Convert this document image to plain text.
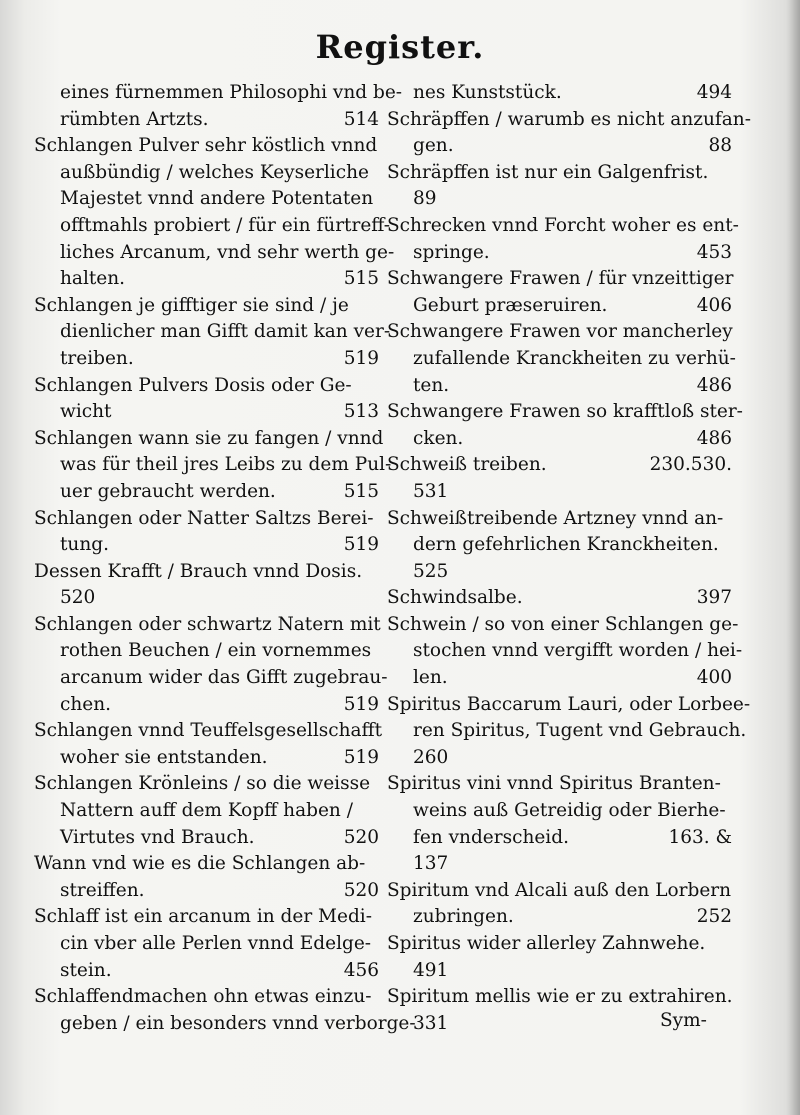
Register.
eines fürnemmen Philosophi vnd be-
rümbten Artzts.	514
Schlangen Pulver sehr köstlich vnnd
außbündig / welches Keyserliche
Majestet vnnd andere Potentaten
offtmahls probiert / für ein fürtreff-
liches Arcanum, vnd sehr werth ge-
halten.	515
Schlangen je gifftiger sie sind / je
dienlicher man Gifft damit kan ver-
treiben.	519
Schlangen Pulvers Dosis oder Ge-
wicht	513
Schlangen wann sie zu fangen / vnnd
was für theil jres Leibs zu dem Pul-
uer gebraucht werden.	515
Schlangen oder Natter Saltzs Berei-
tung.	519
Dessen Krafft / Brauch vnnd Dosis.
520
Schlangen oder schwartz Natern mit
rothen Beuchen / ein vornemmes
arcanum wider das Gifft zugebrau-
chen.	519
Schlangen vnnd Teuffelsgesellschafft
woher sie entstanden.	519
Schlangen Krönleins / so die weisse
Nattern auff dem Kopff haben /
Virtutes vnd Brauch.	520
Wann vnd wie es die Schlangen ab-
streiffen.	520
Schlaff ist ein arcanum in der Medi-
cin vber alle Perlen vnnd Edelge-
stein.	456
Schlaffendmachen ohn etwas einzu-
geben / ein besonders vnnd verborge-
nes Kunststück.	494
Schräpffen / warumb es nicht anzufan-
gen.	88
Schräpffen ist nur ein Galgenfrist.
89
Schrecken vnnd Forcht woher es ent-
springe.	453
Schwangere Frawen / für vnzeittiger
Geburt præseruiren.	406
Schwangere Frawen vor mancherley
zufallende Kranckheiten zu verhü-
ten.	486
Schwangere Frawen so krafftloß ster-
cken.	486
Schweiß treiben.	230.530.
531
Schweißtreibende Artzney vnnd an-
dern gefehrlichen Kranckheiten.
525
Schwindsalbe.	397
Schwein / so von einer Schlangen ge-
stochen vnnd vergifft worden / hei-
len.	400
Spiritus Baccarum Lauri, oder Lorbee-
ren Spiritus, Tugent vnd Gebrauch.
260
Spiritus vini vnnd Spiritus Branten-
weins auß Getreidig oder Bierhe-
fen vnderscheid.	163. &
137
Spiritum vnd Alcali auß den Lorbern
zubringen.	252
Spiritus wider allerley Zahnwehe.
491
Spiritum mellis wie er zu extrahiren.
331	Sym-
